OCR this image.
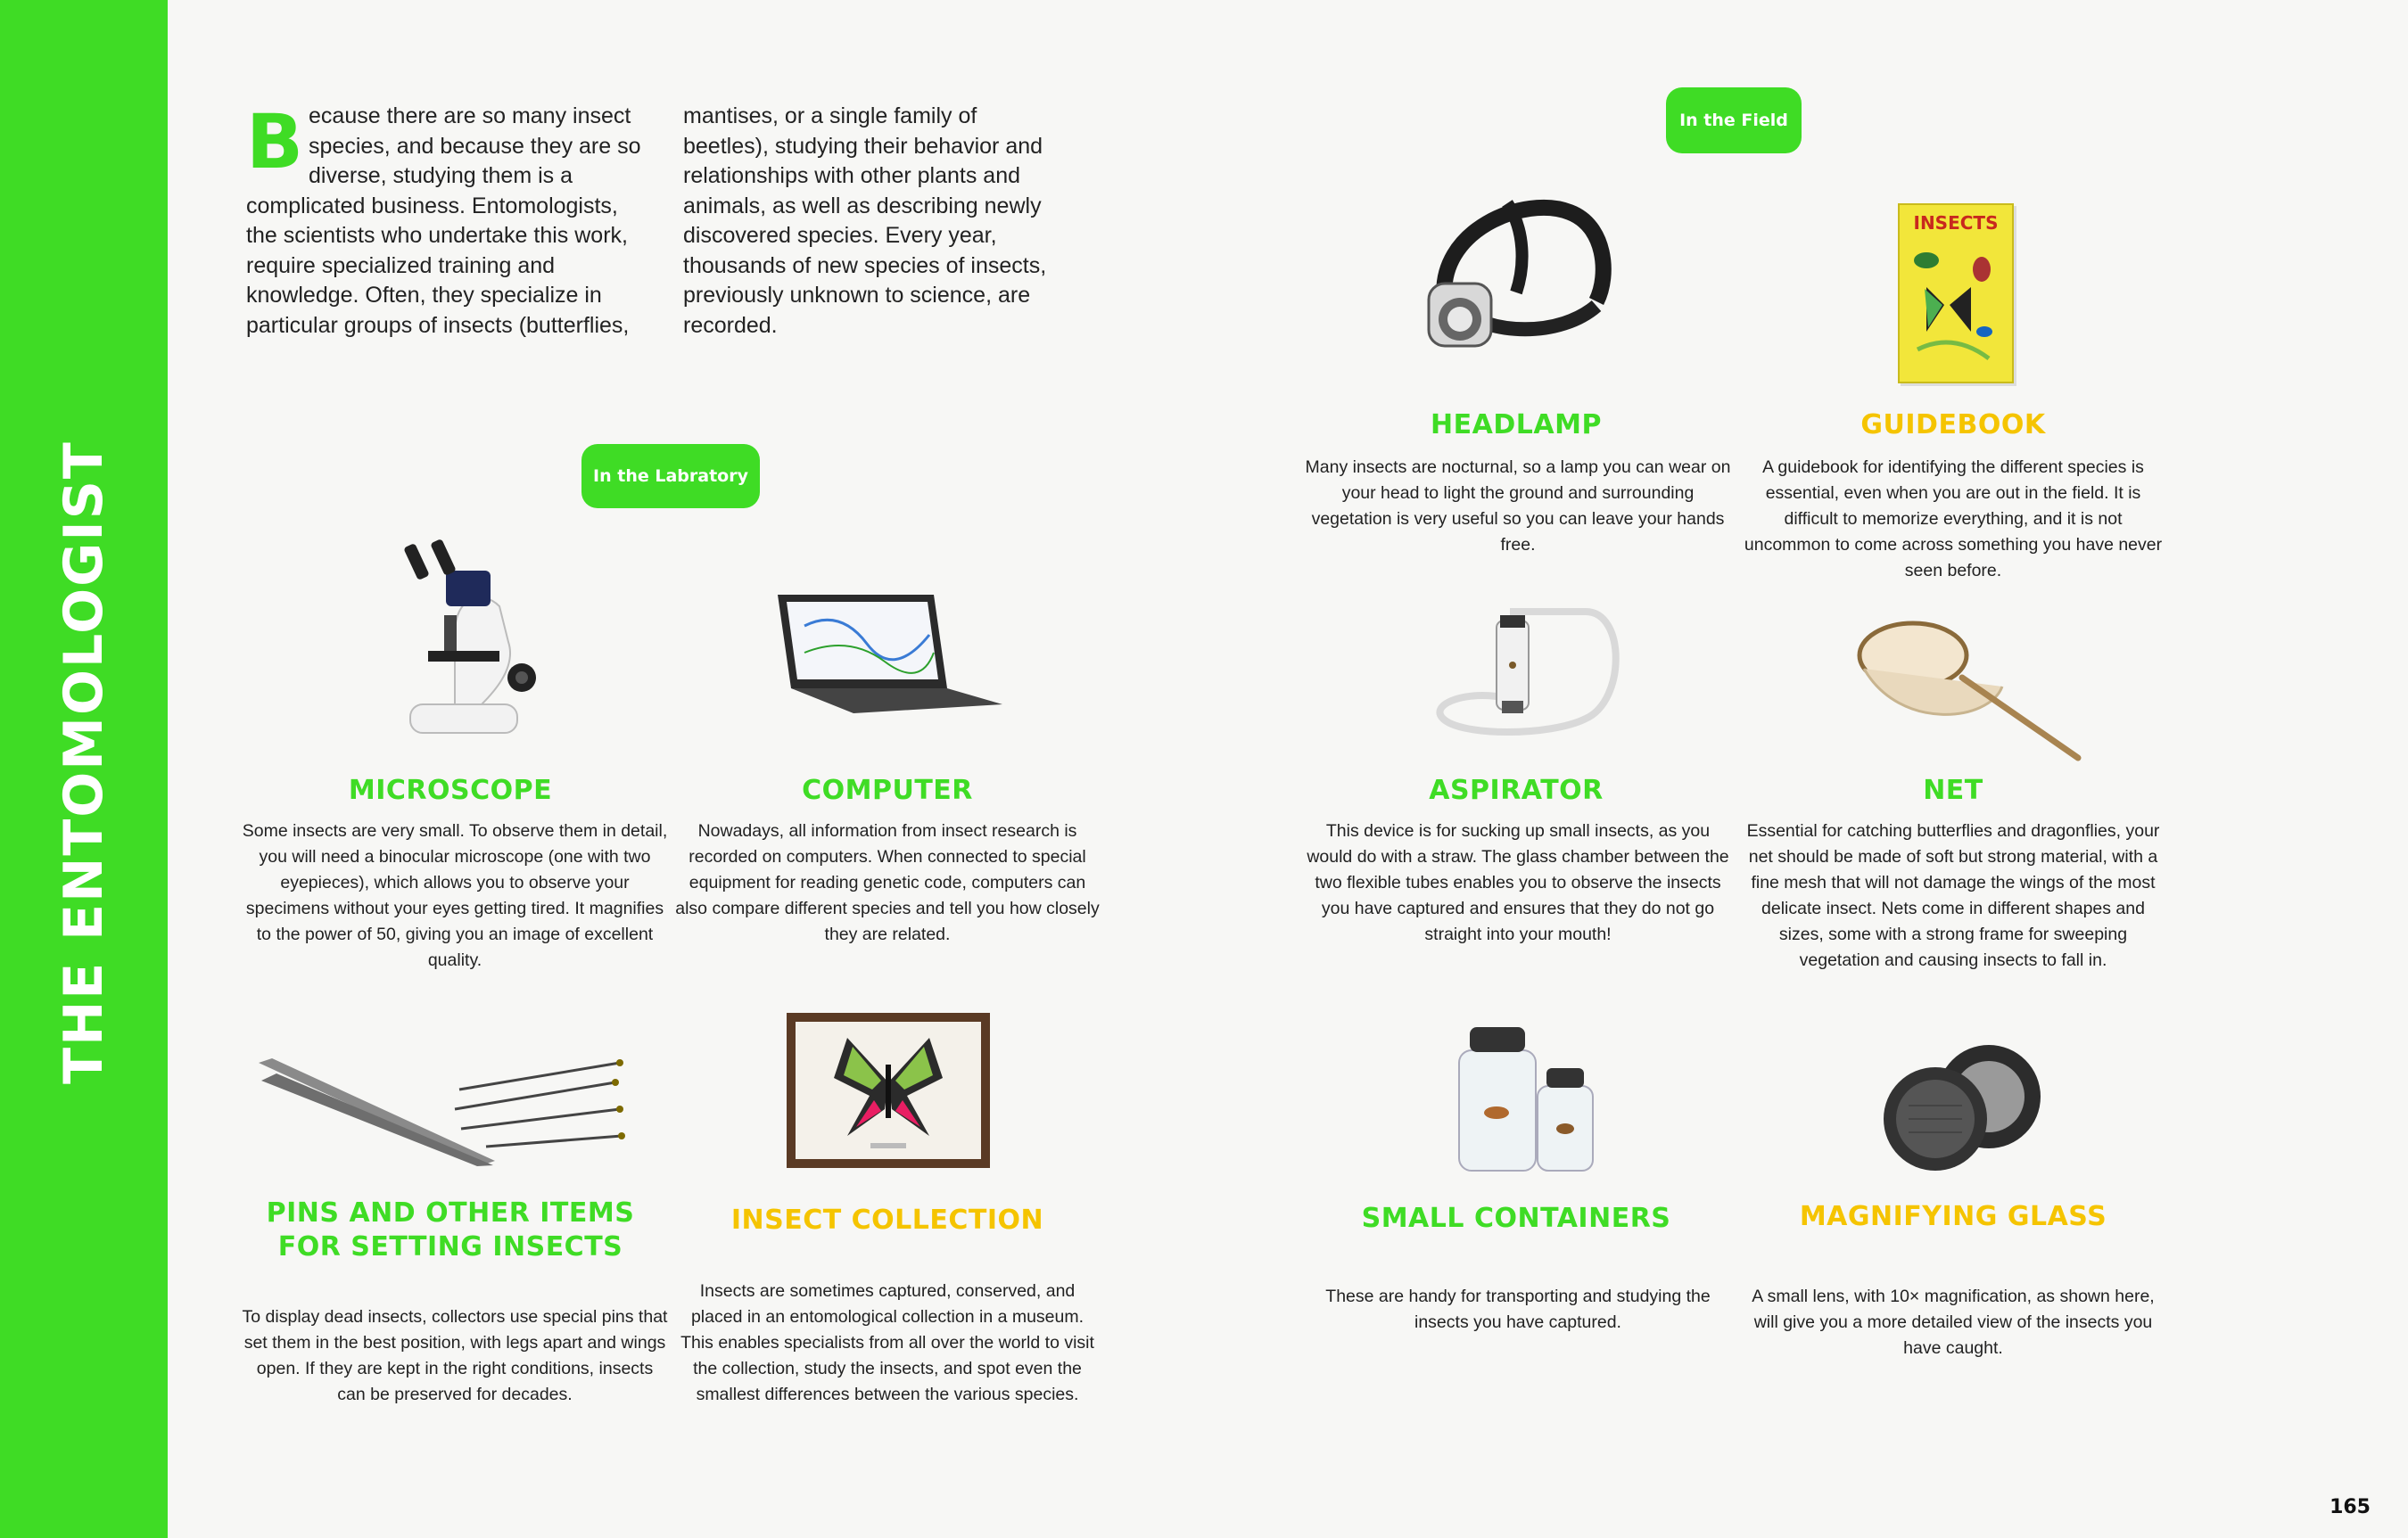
THE ENTOMOLOGIST
Because there are so many insect species, and because they are so diverse, studying them is a complicated business. Entomologists, the scientists who undertake this work, require specialized training and knowledge. Often, they specialize in particular groups of insects (butterflies,
mantises, or a single family of beetles), studying their behavior and relationships with other plants and animals, as well as describing newly discovered species. Every year, thousands of new species of insects, previously unknown to science, are recorded.
In the Field
In the Labratory
HEADLAMP
Many insects are nocturnal, so a lamp you can wear on your head to light the ground and surrounding vegetation is very useful so you can leave your hands free.
INSECTS
GUIDEBOOK
A guidebook for identifying the different species is essential, even when you are out in the field. It is difficult to memorize everything, and it is not uncommon to come across something you have never seen before.
MICROSCOPE
Some insects are very small. To observe them in detail, you will need a binocular microscope (one with two eyepieces), which allows you to observe your specimens without your eyes getting tired. It magnifies to the power of 50, giving you an image of excellent quality.
COMPUTER
Nowadays, all information from insect research is recorded on computers. When connected to special equipment for reading genetic code, computers can also compare different species and tell you how closely they are related.
ASPIRATOR
This device is for sucking up small insects, as you would do with a straw. The glass chamber between the two flexible tubes enables you to observe the insects you have captured and ensures that they do not go straight into your mouth!
NET
Essential for catching butterflies and dragonflies, your net should be made of soft but strong material, with a fine mesh that will not damage the wings of the most delicate insect. Nets come in different shapes and sizes, some with a strong frame for sweeping vegetation and causing insects to fall in.
PINS AND OTHER ITEMS FOR SETTING INSECTS
To display dead insects, collectors use special pins that set them in the best position, with legs apart and wings open. If they are kept in the right conditions, insects can be preserved for decades.
INSECT COLLECTION
Insects are sometimes captured, conserved, and placed in an entomological collection in a museum. This enables specialists from all over the world to visit the collection, study the insects, and spot even the smallest differences between the various species.
SMALL CONTAINERS
These are handy for transporting and studying the insects you have captured.
MAGNIFYING GLASS
A small lens, with 10× magnification, as shown here, will give you a more detailed view of the insects you have caught.
165
